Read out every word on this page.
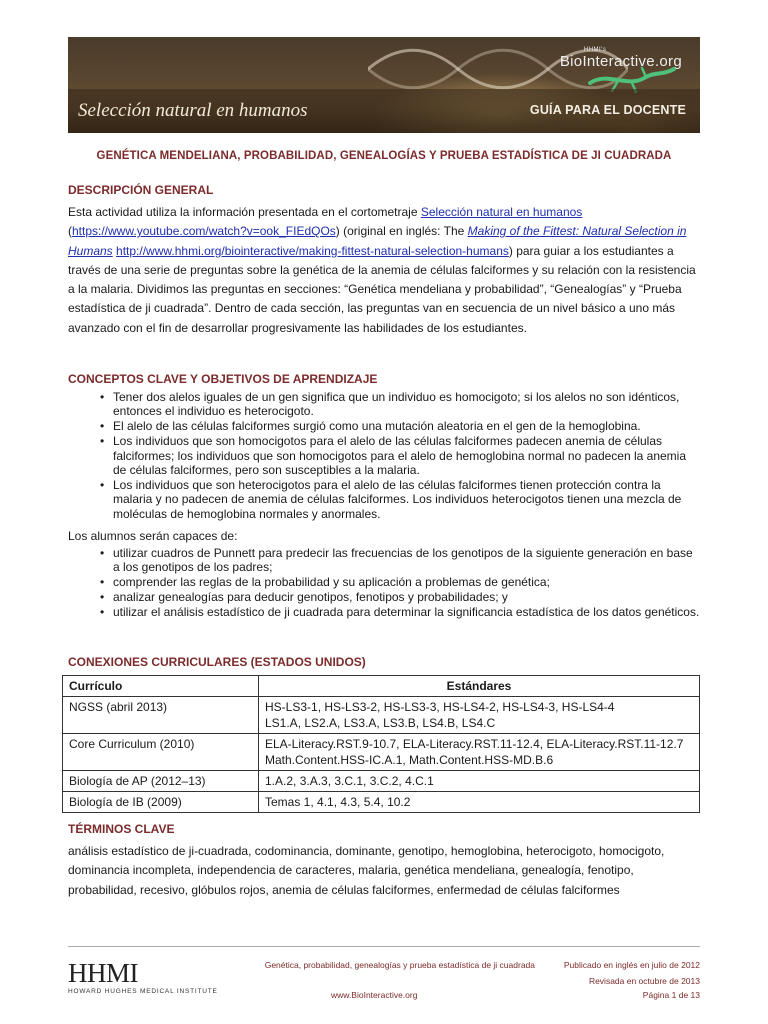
HHMI's
BioInteractive.org
Selección natural en humanos	GUÍA PARA EL DOCENTE
GENÉTICA MENDELIANA, PROBABILIDAD, GENEALOGÍAS Y PRUEBA ESTADÍSTICA DE JI CUADRADA
DESCRIPCIÓN GENERAL
Esta actividad utiliza la información presentada en el cortometraje Selección natural en humanos
(https://www.youtube.com/watch?v=ook_FIEdQOs) (original en inglés: The Making of the Fittest: Natural Selection in Humans http://www.hhmi.org/biointeractive/making-fittest-natural-selection-humans) para guiar a los estudiantes a través de una serie de preguntas sobre la genética de la anemia de células falciformes y su relación con la resistencia a la malaria. Dividimos las preguntas en secciones: “Genética mendeliana y probabilidad”, “Genealogías” y “Prueba estadística de ji cuadrada”. Dentro de cada sección, las preguntas van en secuencia de un nivel básico a uno más avanzado con el fin de desarrollar progresivamente las habilidades de los estudiantes.
CONCEPTOS CLAVE Y OBJETIVOS DE APRENDIZAJE
• Tener dos alelos iguales de un gen significa que un individuo es homocigoto; si los alelos no son idénticos, entonces el individuo es heterocigoto.
• El alelo de las células falciformes surgió como una mutación aleatoria en el gen de la hemoglobina.
• Los individuos que son homocigotos para el alelo de las células falciformes padecen anemia de células falciformes; los individuos que son homocigotos para el alelo de hemoglobina normal no padecen la anemia de células falciformes, pero son susceptibles a la malaria.
• Los individuos que son heterocigotos para el alelo de las células falciformes tienen protección contra la malaria y no padecen de anemia de células falciformes. Los individuos heterocigotos tienen una mezcla de moléculas de hemoglobina normales y anormales.
Los alumnos serán capaces de:
• utilizar cuadros de Punnett para predecir las frecuencias de los genotipos de la siguiente generación en base a los genotipos de los padres;
• comprender las reglas de la probabilidad y su aplicación a problemas de genética;
• analizar genealogías para deducir genotipos, fenotipos y probabilidades; y
• utilizar el análisis estadístico de ji cuadrada para determinar la significancia estadística de los datos genéticos.
CONEXIONES CURRICULARES (ESTADOS UNIDOS)
Currículo	Estándares
NGSS (abril 2013)	HS-LS3-1, HS-LS3-2, HS-LS3-3, HS-LS4-2, HS-LS4-3, HS-LS4-4
LS1.A, LS2.A, LS3.A, LS3.B, LS4.B, LS4.C

Core Curriculum (2010)	ELA-Literacy.RST.9-10.7, ELA-Literacy.RST.11-12.4, ELA-Literacy.RST.11-12.7
Math.Content.HSS-IC.A.1, Math.Content.HSS-MD.B.6

Biología de AP (2012–13)	1.A.2, 3.A.3, 3.C.1, 3.C.2, 4.C.1
Biología de IB (2009)	Temas 1, 4.1, 4.3, 5.4, 10.2
TÉRMINOS CLAVE
análisis estadístico de ji-cuadrada, codominancia, dominante, genotipo, hemoglobina, heterocigoto, homocigoto, dominancia incompleta, independencia de caracteres, malaria, genética mendeliana, genealogía, fenotipo, probabilidad, recesivo, glóbulos rojos, anemia de células falciformes, enfermedad de células falciformes
HHMI
HOWARD HUGHES MEDICAL INSTITUTE
Genética, probabilidad, genealogías y prueba estadística de ji cuadrada	Publicado en inglés en julio de 2012
Revisada en octubre de 2013
www.BioInteractive.org	Página 1 de 13
